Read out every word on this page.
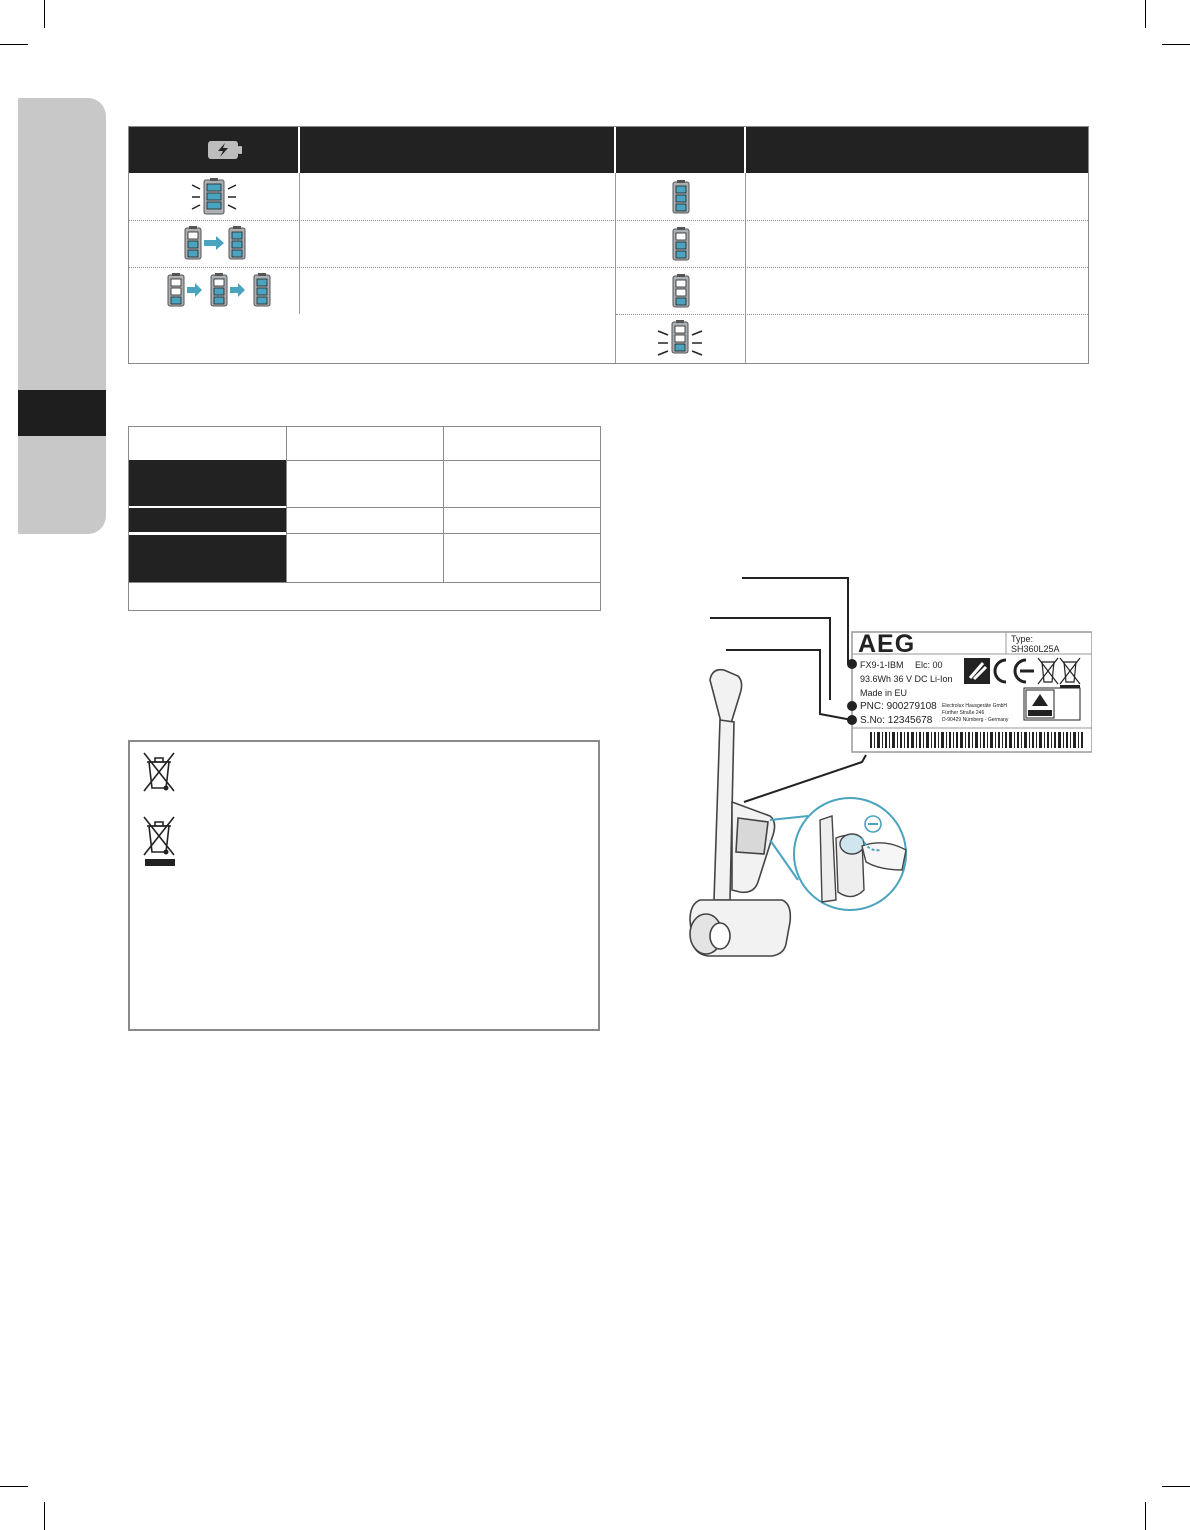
AEG	Type:
SH360L25A
FX9-1-IBM Elc: 00
93.6Wh 36 V DC Li-Ion
Made in EU
PNC: 900279108
S.No: 12345678
Electrolux Hausgeräte GmbH
Fürther Straße 246
D-90429 Nürnberg - Germany
